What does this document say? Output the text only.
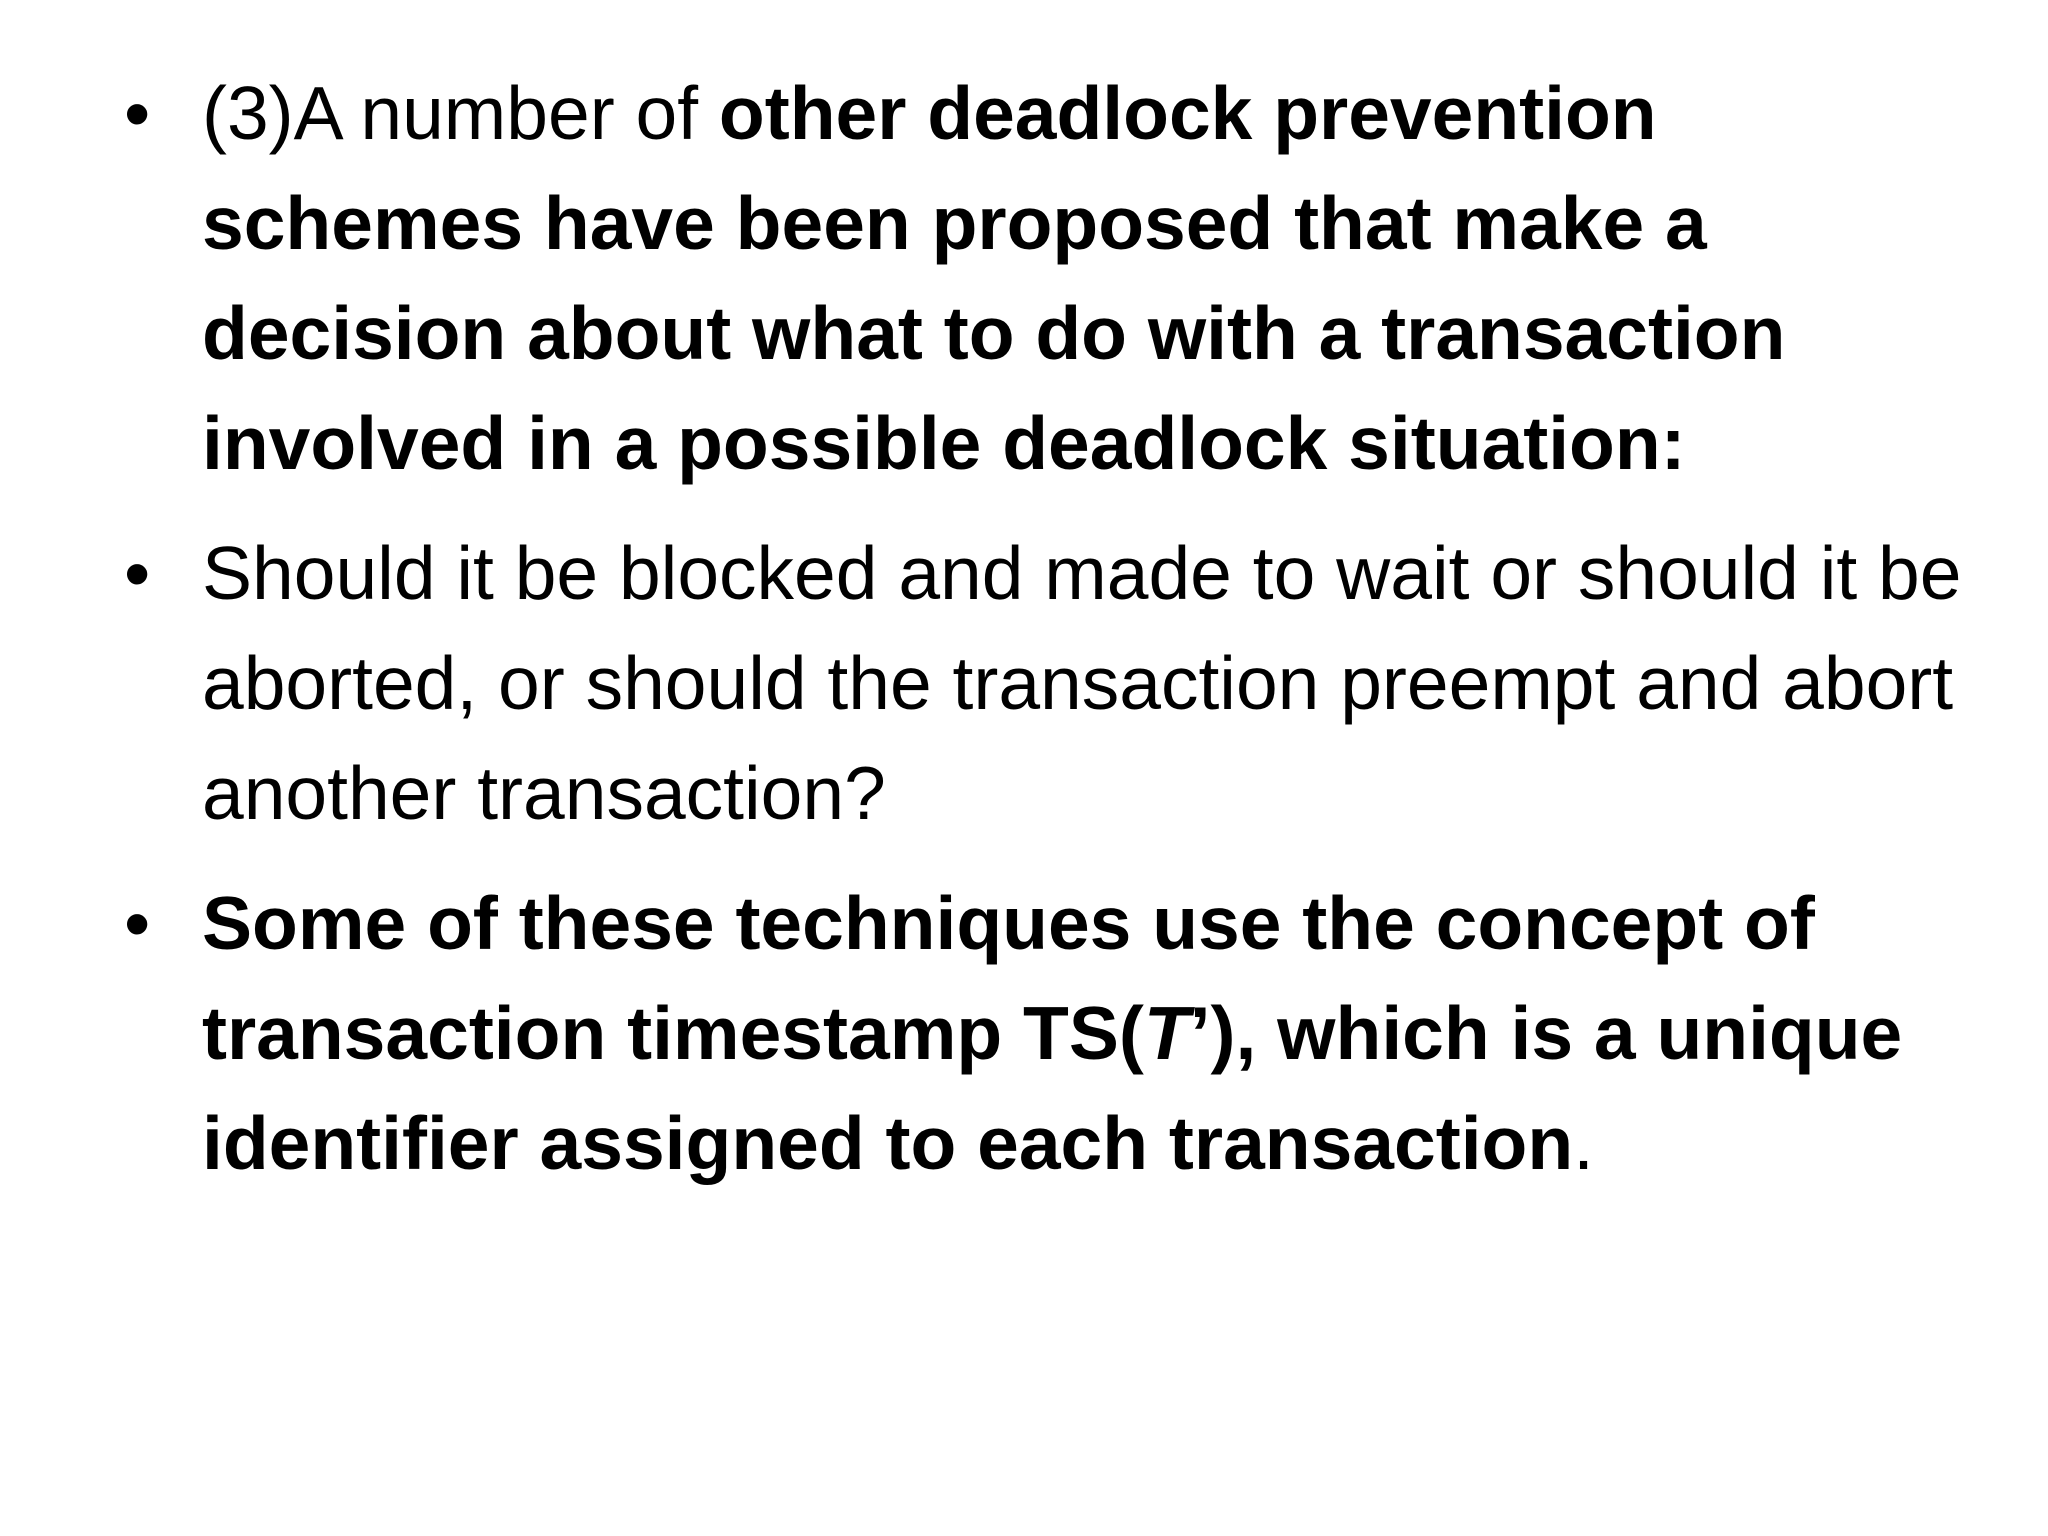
• (3)A number of other deadlock prevention schemes have been proposed that make a decision about what to do with a transaction involved in a possible deadlock situation:
• Should it be blocked and made to wait or should it be aborted, or should the transaction preempt and abort another transaction?
• Some of these techniques use the concept of transaction timestamp TS(T’), which is a unique identifier assigned to each transaction.
